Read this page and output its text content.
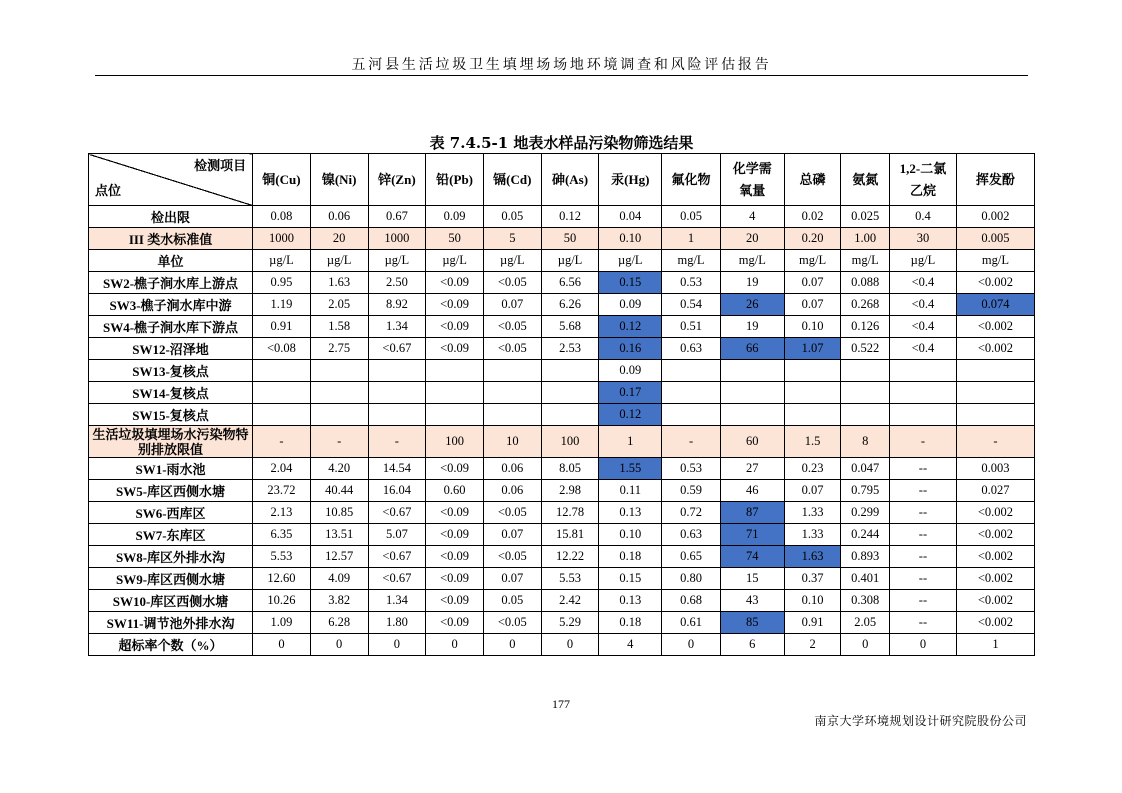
五河县生活垃圾卫生填埋场场地环境调查和风险评估报告
表 7.4.5-1 地表水样品污染物筛选结果
检测项目
点位	铜(Cu)	镍(Ni)	锌(Zn)	铅(Pb)	镉(Cd)	砷(As)	汞(Hg)	氟化物	化学需氧量	总磷	氨氮	1,2-二氯乙烷	挥发酚
检出限	0.08	0.06	0.67	0.09	0.05	0.12	0.04	0.05	4	0.02	0.025	0.4	0.002
III 类水标准值	1000	20	1000	50	5	50	0.10	1	20	0.20	1.00	30	0.005
单位	µg/L	µg/L	µg/L	µg/L	µg/L	µg/L	µg/L	mg/L	mg/L	mg/L	mg/L	µg/L	mg/L
SW2-樵子涧水库上游点	0.95	1.63	2.50	<0.09	<0.05	6.56	0.15	0.53	19	0.07	0.088	<0.4	<0.002
SW3-樵子涧水库中游	1.19	2.05	8.92	<0.09	0.07	6.26	0.09	0.54	26	0.07	0.268	<0.4	0.074
SW4-樵子涧水库下游点	0.91	1.58	1.34	<0.09	<0.05	5.68	0.12	0.51	19	0.10	0.126	<0.4	<0.002
SW12-沼泽地	<0.08	2.75	<0.67	<0.09	<0.05	2.53	0.16	0.63	66	1.07	0.522	<0.4	<0.002
SW13-复核点							0.09						
SW14-复核点							0.17						
SW15-复核点							0.12						
生活垃圾填埋场水污染物特别排放限值	-	-	-	100	10	100	1	-	60	1.5	8	-	-
SW1-雨水池	2.04	4.20	14.54	<0.09	0.06	8.05	1.55	0.53	27	0.23	0.047	--	0.003
SW5-库区西侧水塘	23.72	40.44	16.04	0.60	0.06	2.98	0.11	0.59	46	0.07	0.795	--	0.027
SW6-西库区	2.13	10.85	<0.67	<0.09	<0.05	12.78	0.13	0.72	87	1.33	0.299	--	<0.002
SW7-东库区	6.35	13.51	5.07	<0.09	0.07	15.81	0.10	0.63	71	1.33	0.244	--	<0.002
SW8-库区外排水沟	5.53	12.57	<0.67	<0.09	<0.05	12.22	0.18	0.65	74	1.63	0.893	--	<0.002
SW9-库区西侧水塘	12.60	4.09	<0.67	<0.09	0.07	5.53	0.15	0.80	15	0.37	0.401	--	<0.002
SW10-库区西侧水塘	10.26	3.82	1.34	<0.09	0.05	2.42	0.13	0.68	43	0.10	0.308	--	<0.002
SW11-调节池外排水沟	1.09	6.28	1.80	<0.09	<0.05	5.29	0.18	0.61	85	0.91	2.05	--	<0.002
超标率个数（%）	0	0	0	0	0	0	4	0	6	2	0	0	1
177
南京大学环境规划设计研究院股份公司
